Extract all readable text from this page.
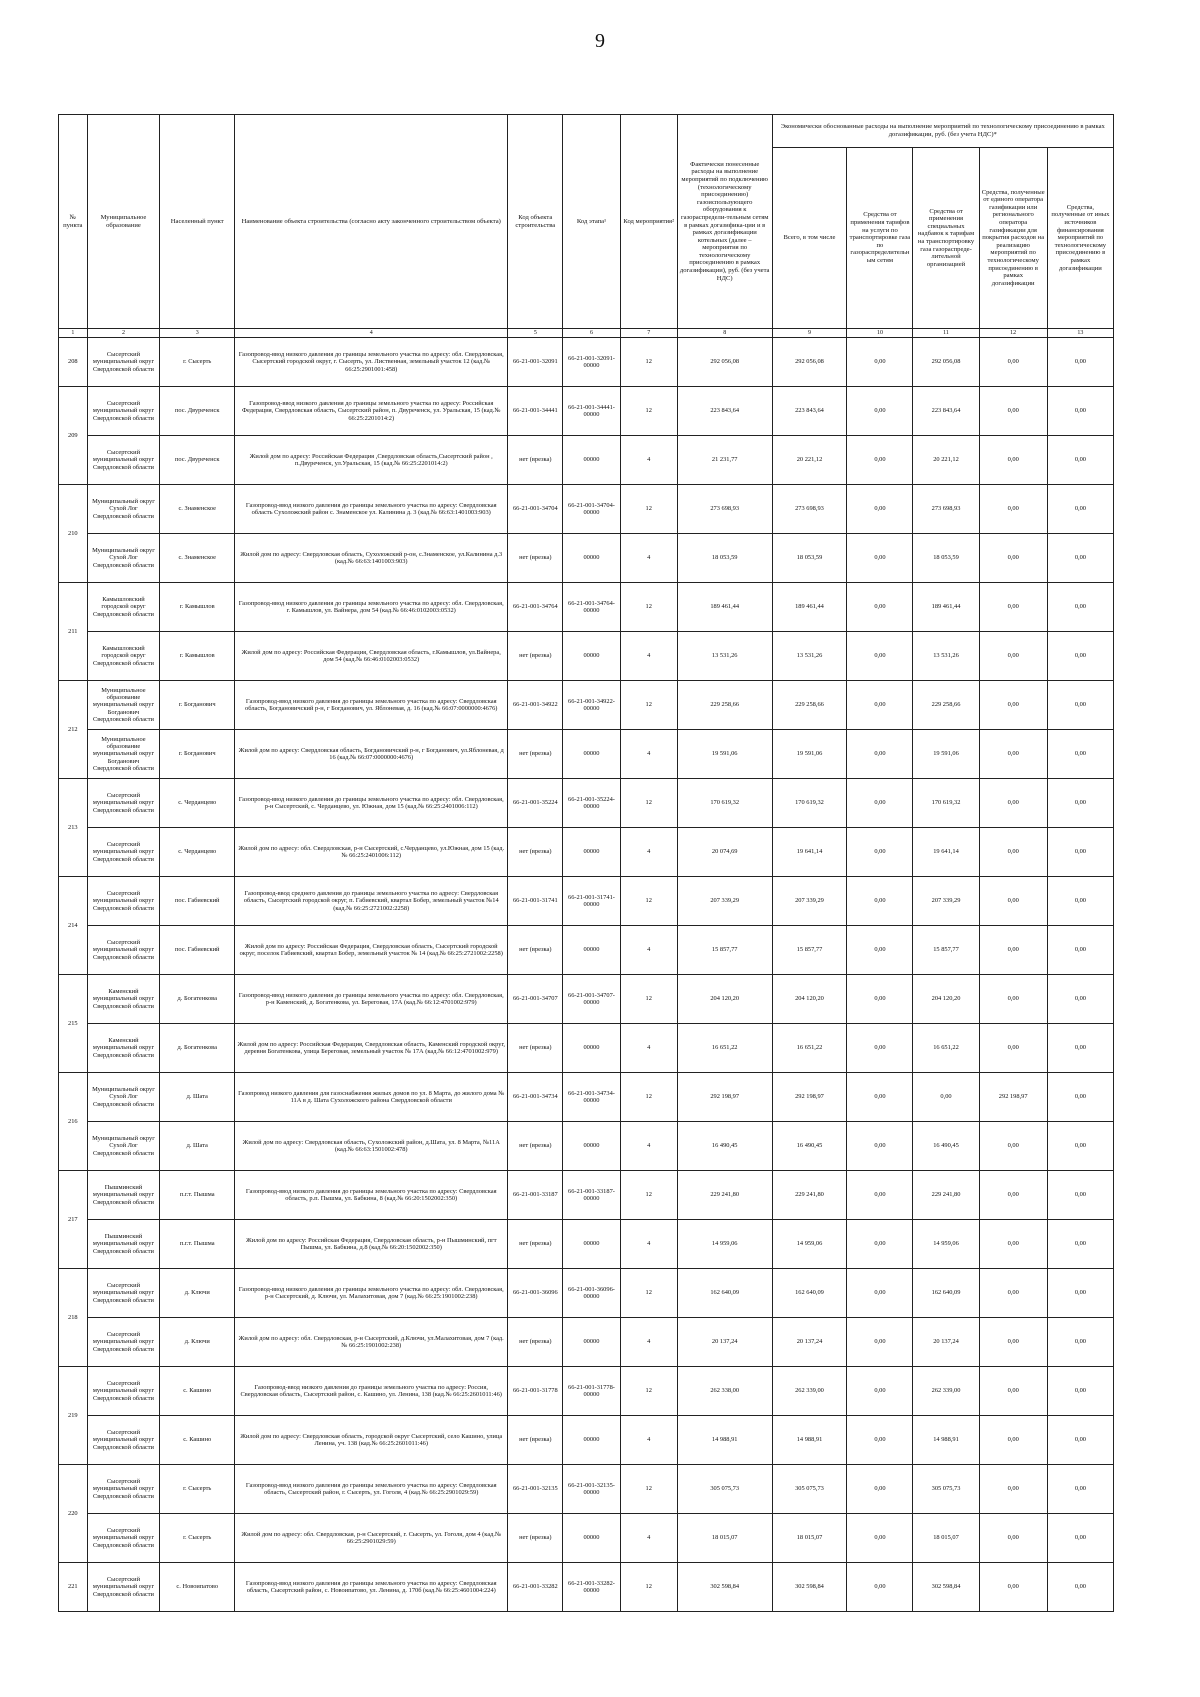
9
№ пункта	Муниципальное образование	Населенный пункт	Наименование объекта строительства (согласно акту законченного строительством объекта)	Код объекта строительства	Код этапа¹	Код мероприятия²	Фактически понесенные расходы на выполнение мероприятий по подключению (технологическому присоединению) газоиспользующего оборудования к газораспредели-тельным сетям в рамках догазифика-ции и в рамках догазификации котельных (далее – мероприятия по технологическому присоединению в рамках догазификации), руб. (без учета НДС)	Экономически обоснованные расходы на выполнение мероприятий по технологическому присоединению в рамках догазификации, руб. (без учета НДС)*				
								Всего, в том числе	Средства от применения тарифов на услуги по транспортировке газа по газораспределительным сетям	Средства от применения специальных надбавок к тарифам на транспортировку газа газораспреде-лительной организацией	Средства, полученные от единого оператора газификации или регионального оператора газификации для покрытия расходов на реализацию мероприятий по технологическому присоединению в рамках догазификации	Средства, полученные от иных источников финансирования мероприятий по технологическому присоединению в рамках догазификации
1	2	3	4	5	6	7	8	9	10	11	12	13
208	Сысертский муниципальный округ Свердловской области	г. Сысерть	Газопровод-ввод низкого давления до границы земельного участка по адресу: обл. Свердловская, Сысертский городской округ, г. Сысерть, ул. Лиственная, земельный участок 12 (кад.№ 66:25:2901001:458)	66-21-001-32091	66-21-001-32091-00000	12	292 056,08	292 056,08	0,00	292 056,08	0,00	0,00
209	Сысертский муниципальный округ Свердловской области	пос. Двуреченск	Газопровод-ввод низкого давления до границы земельного участка по адресу: Российская Федерация, Свердловская область, Сысертский район, п. Двуреченск, ул. Уральская, 15 (кад.№ 66:25:2201014:2)	66-21-001-34441	66-21-001-34441-00000	12	223 843,64	223 843,64	0,00	223 843,64	0,00	0,00
	Сысертский муниципальный округ Свердловской области	пос. Двуреченск	Жилой дом по адресу: Российская Федерация ,Свердловская область,Сысертский район , п.Двуреченск, ул.Уральская, 15 (кад.№ 66:25:2201014:2)	нет (врезка)	00000	4	21 231,77	20 221,12	0,00	20 221,12	0,00	0,00
210	Муниципальный округ Сухой Лог Свердловской области	с. Знаменское	Газопровод-ввод низкого давления до границы земельного участка по адресу: Свердловская область Сухоложский район с. Знаменское ул. Калинина д. 3 (кад.№ 66:63:1401003:903)	66-21-001-34704	66-21-001-34704-00000	12	273 698,93	273 698,93	0,00	273 698,93	0,00	0,00
	Муниципальный округ Сухой Лог Свердловской области	с. Знаменское	Жилой дом по адресу: Свердловская область, Сухоложский р-он, с.Знаменское, ул.Калинина д.3 (кад.№ 66:63:1401003:903)	нет (врезка)	00000	4	18 053,59	18 053,59	0,00	18 053,59	0,00	0,00
211	Камышловский городской округ Свердловской области	г. Камышлов	Газопровод-ввод низкого давления до границы земельного участка по адресу: обл. Свердловская, г. Камышлов, ул. Вайнера, дом 54 (кад.№ 66:46:0102003:0532)	66-21-001-34764	66-21-001-34764-00000	12	189 461,44	189 461,44	0,00	189 461,44	0,00	0,00
	Камышловский городской округ Свердловской области	г. Камышлов	Жилой дом по адресу: Российская Федерация, Свердловская область, г.Камышлов, ул.Вайнера, дом 54 (кад.№ 66:46:0102003:0532)	нет (врезка)	00000	4	13 531,26	13 531,26	0,00	13 531,26	0,00	0,00
212	Муниципальное образование муниципальный округ Богданович Свердловской области	г. Богданович	Газопровод-ввод низкого давления до границы земельного участка по адресу: Свердловская область, Богдановичский р-н, г Богданович, ул. Яблоневая, д. 16 (кад.№ 66:07:0000000:4676)	66-21-001-34922	66-21-001-34922-00000	12	229 258,66	229 258,66	0,00	229 258,66	0,00	0,00
	Муниципальное образование муниципальный округ Богданович Свердловской области	г. Богданович	Жилой дом по адресу: Свердловская область, Богдановичский р-н, г Богданович, ул.Яблоневая, д 16 (кад.№ 66:07:0000000:4676)	нет (врезка)	00000	4	19 591,06	19 591,06	0,00	19 591,06	0,00	0,00
213	Сысертский муниципальный округ Свердловской области	с. Черданцево	Газопровод-ввод низкого давления до границы земельного участка по адресу: обл. Свердловская, р-н Сысертский, с. Черданцево, ул. Южная, дом 15 (кад.№ 66:25:2401006:112)	66-21-001-35224	66-21-001-35224-00000	12	170 619,32	170 619,32	0,00	170 619,32	0,00	0,00
	Сысертский муниципальный округ Свердловской области	с. Черданцево	Жилой дом по адресу: обл. Свердловская, р-н Сысертский, с.Черданцево, ул.Южная, дом 15 (кад.№ 66:25:2401006:112)	нет (врезка)	00000	4	20 074,69	19 641,14	0,00	19 641,14	0,00	0,00
214	Сысертский муниципальный округ Свердловской области	пос. Габиевский	Газопровод-ввод среднего давления до границы земельного участка по адресу: Свердловская область, Сысертский городской округ, п. Габиевский, квартал Бобер, земельный участок №14 (кад.№ 66:25:2721002:2258)	66-21-001-31741	66-21-001-31741-00000	12	207 339,29	207 339,29	0,00	207 339,29	0,00	0,00
	Сысертский муниципальный округ Свердловской области	пос. Габиевский	Жилой дом по адресу: Российская Федерация, Свердловская область, Сысертский городской округ, поселок Габиевский, квартал Бобер, земельный участок № 14 (кад.№ 66:25:2721002:2258)	нет (врезка)	00000	4	15 857,77	15 857,77	0,00	15 857,77	0,00	0,00
215	Каменский муниципальный округ Свердловской области	д. Богатенкова	Газопровод-ввод низкого давления до границы земельного участка по адресу: обл. Свердловская, р-н Каменский, д. Богатенкова, ул. Береговая, 17А (кад.№ 66:12:4701002:979)	66-21-001-34707	66-21-001-34707-00000	12	204 120,20	204 120,20	0,00	204 120,20	0,00	0,00
	Каменский муниципальный округ Свердловской области	д. Богатенкова	Жилой дом по адресу: Российская Федерация, Свердловская область, Каменский городской округ, деревня Богатенкова, улица Береговая, земельный участок № 17А (кад.№ 66:12:4701002:979)	нет (врезка)	00000	4	16 651,22	16 651,22	0,00	16 651,22	0,00	0,00
216	Муниципальный округ Сухой Лог Свердловской области	д. Шата	Газопровод низкого давления для газоснабжения жилых домов по ул. 8 Марта, до жилого дома № 11А в д. Шата Сухоложского района Свердловской области	66-21-001-34734	66-21-001-34734-00000	12	292 198,97	292 198,97	0,00	0,00	292 198,97	0,00
	Муниципальный округ Сухой Лог Свердловской области	д. Шата	Жилой дом по адресу: Свердловская область, Сухоложский район, д.Шата, ул. 8 Марта, №11А (кад.№ 66:63:1501002:478)	нет (врезка)	00000	4	16 490,45	16 490,45	0,00	16 490,45	0,00	0,00
217	Пышминский муниципальный округ Свердловской области	п.г.т. Пышма	Газопровод-ввод низкого давления до границы земельного участка по адресу: Свердловская область, р.п. Пышма, ул. Бабкина, 8 (кад.№ 66:20:1502002:350)	66-21-001-33187	66-21-001-33187-00000	12	229 241,80	229 241,80	0,00	229 241,80	0,00	0,00
	Пышминский муниципальный округ Свердловской области	п.г.т. Пышма	Жилой дом по адресу: Российская Федерация, Свердловская область, р-н Пышминский, пгт Пышма, ул. Бабкина, д.8 (кад.№ 66:20:1502002:350)	нет (врезка)	00000	4	14 959,06	14 959,06	0,00	14 959,06	0,00	0,00
218	Сысертский муниципальный округ Свердловской области	д. Ключи	Газопровод-ввод низкого давления до границы земельного участка по адресу: обл. Свердловская, р-н Сысертский, д. Ключи, ул. Малахитовая, дом 7 (кад.№ 66:25:1901002:238)	66-21-001-36096	66-21-001-36096-00000	12	162 640,09	162 640,09	0,00	162 640,09	0,00	0,00
	Сысертский муниципальный округ Свердловской области	д. Ключи	Жилой дом по адресу: обл. Свердловская, р-н Сысертский, д.Ключи, ул.Малахитовая, дом 7 (кад.№ 66:25:1901002:238)	нет (врезка)	00000	4	20 137,24	20 137,24	0,00	20 137,24	0,00	0,00
219	Сысертский муниципальный округ Свердловской области	с. Кашино	Газопровод-ввод низкого давления до границы земельного участка по адресу: Россия, Свердловская область, Сысертский район, с. Кашино, ул. Ленина, 138 (кад.№ 66:25:2601011:46)	66-21-001-31778	66-21-001-31778-00000	12	262 338,00	262 339,00	0,00	262 339,00	0,00	0,00
	Сысертский муниципальный округ Свердловской области	с. Кашино	Жилой дом по адресу: Свердловская область, городской округ Сысертский, село Кашино, улица Ленина, уч. 138 (кад.№ 66:25:2601011:46)	нет (врезка)	00000	4	14 988,91	14 988,91	0,00	14 988,91	0,00	0,00
220	Сысертский муниципальный округ Свердловской области	г. Сысерть	Газопровод-ввод низкого давления до границы земельного участка по адресу: Свердловская область, Сысертский район, г. Сысерть, ул. Гоголя, 4 (кад.№ 66:25:2901029:59)	66-21-001-32135	66-21-001-32135-00000	12	305 075,73	305 075,73	0,00	305 075,73	0,00	0,00
	Сысертский муниципальный округ Свердловской области	г. Сысерть	Жилой дом по адресу: обл. Свердловская, р-н Сысертский, г. Сысерть, ул. Гоголя, дом 4 (кад.№ 66:25:2901029:59)	нет (врезка)	00000	4	18 015,07	18 015,07	0,00	18 015,07	0,00	0,00
221	Сысертский муниципальный округ Свердловской области	с. Новоипатово	Газопровод-ввод низкого давления до границы земельного участка по адресу: Свердловская область, Сысертский район, с. Новоипатово, ул. Ленина, д. 170б (кад.№ 66:25:4601004:224)	66-21-001-33282	66-21-001-33282-00000	12	302 598,84	302 598,84	0,00	302 598,84	0,00	0,00
